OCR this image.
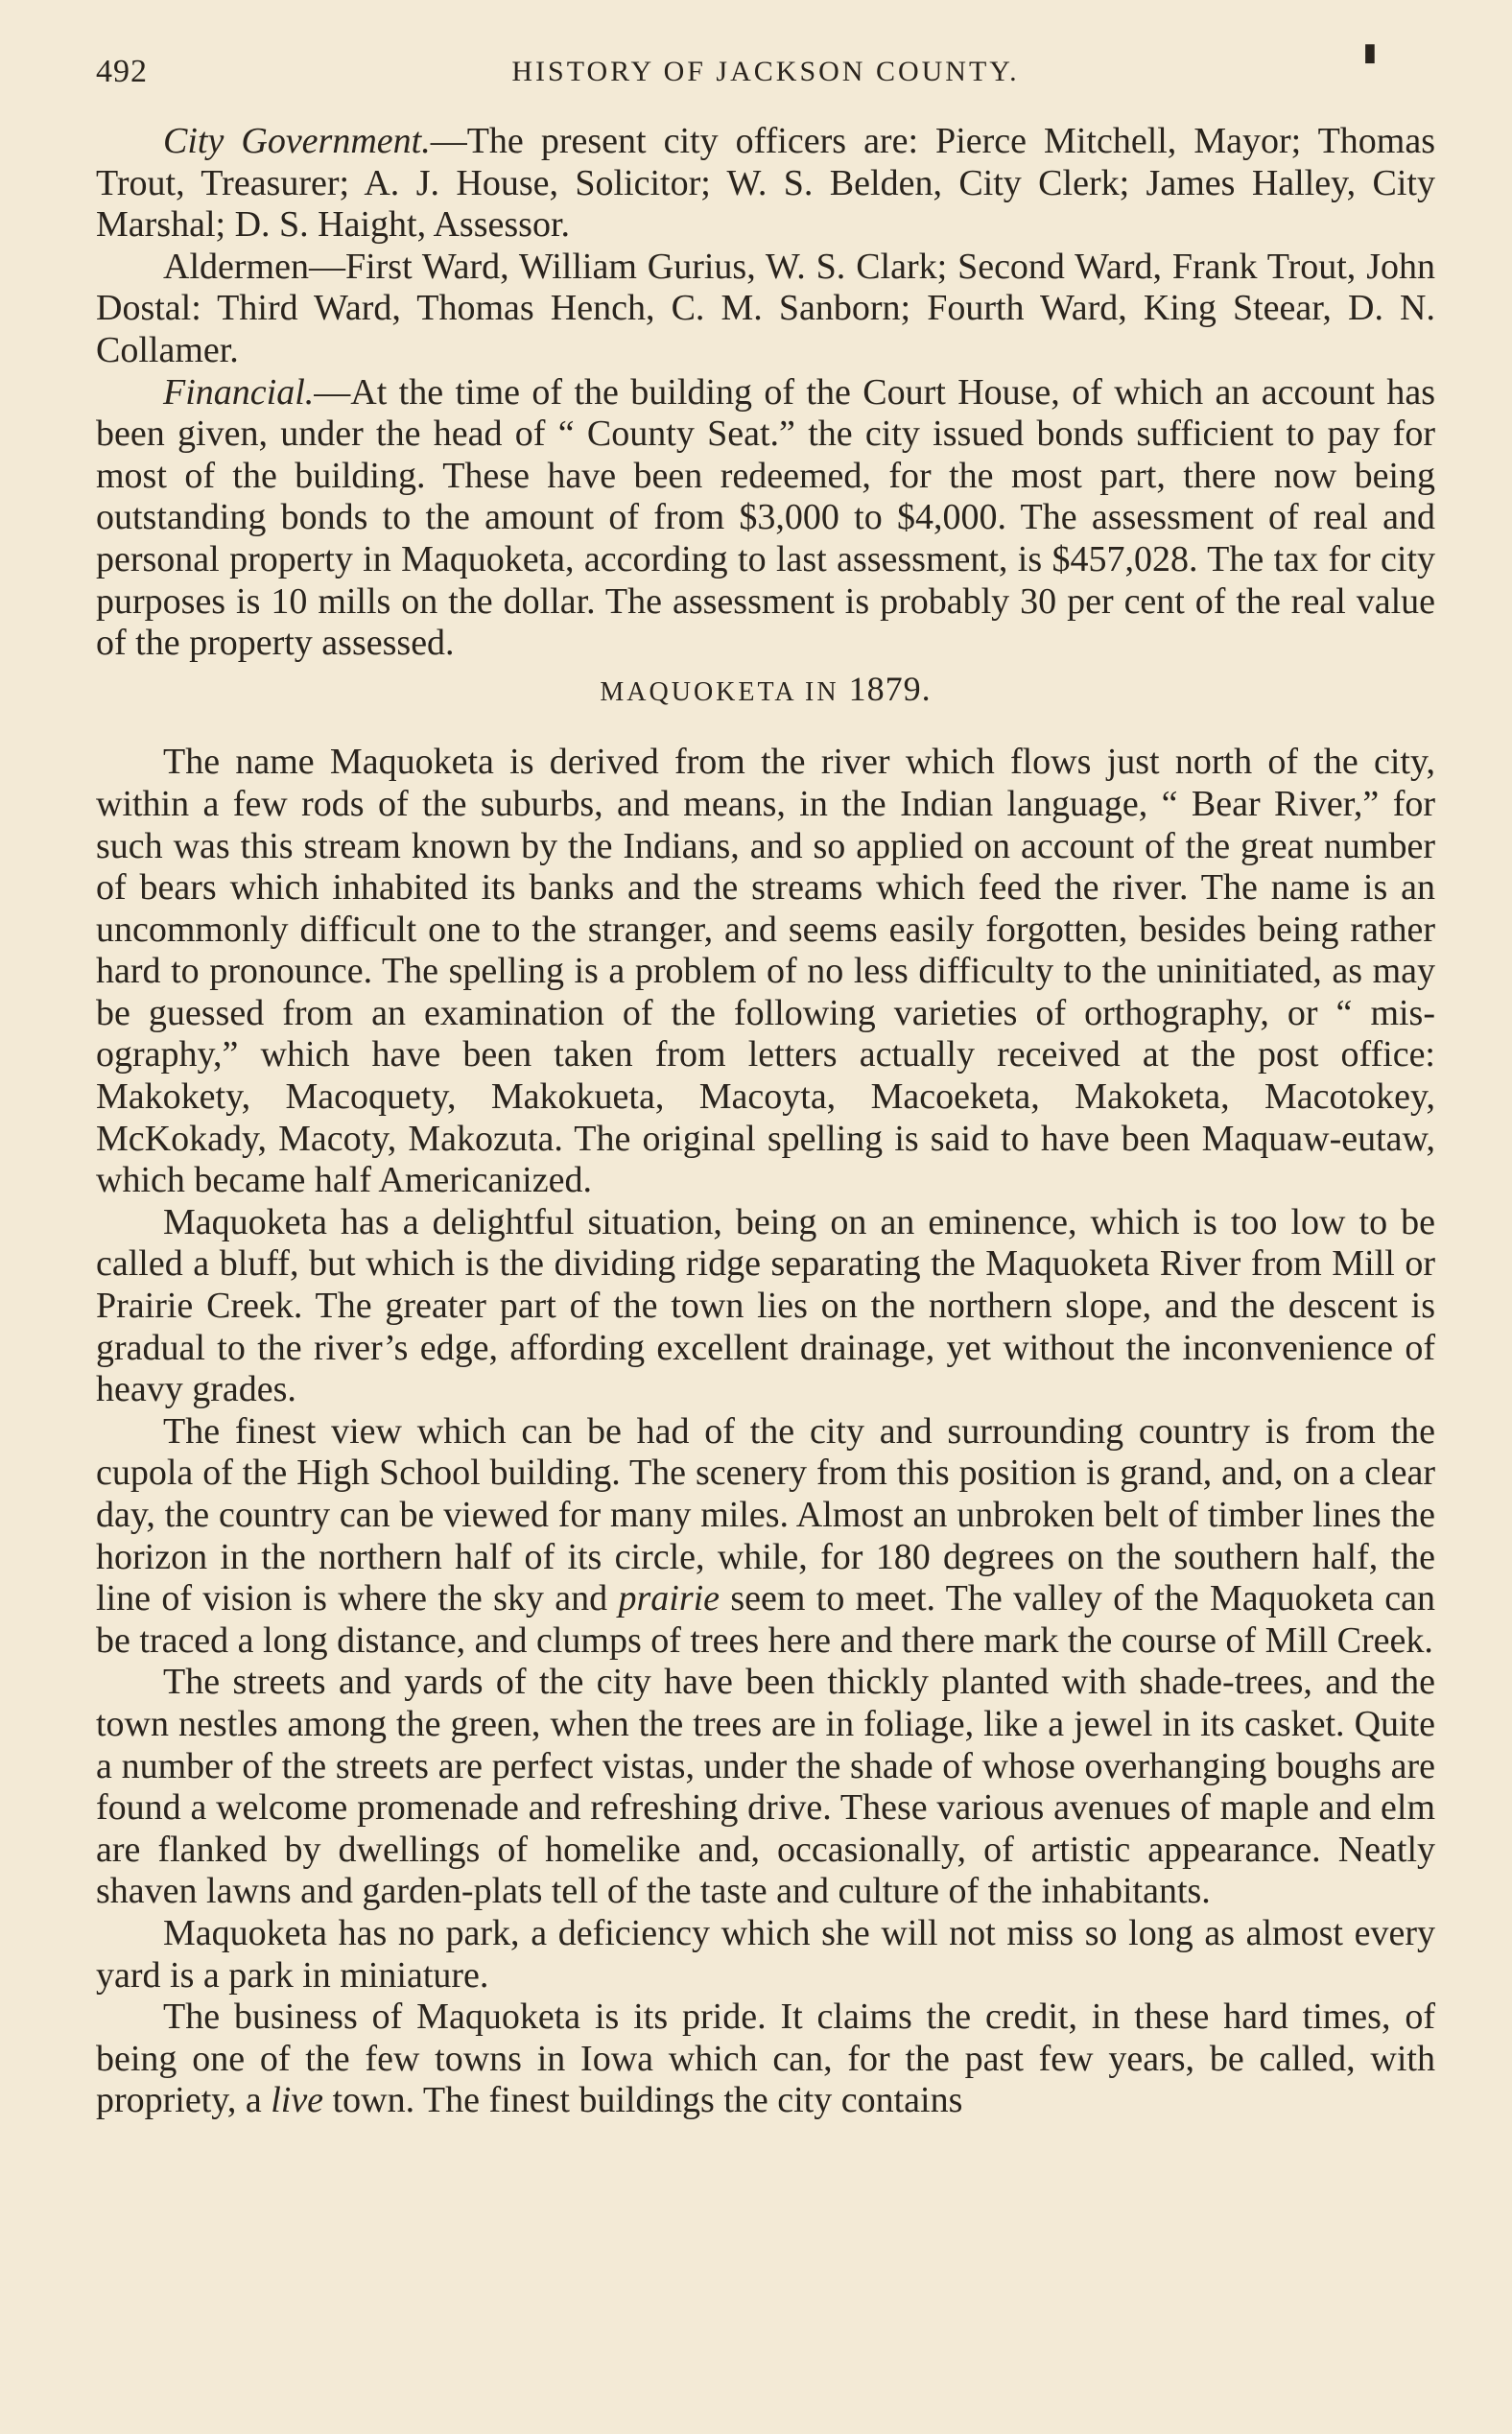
492	HISTORY OF JACKSON COUNTY.
▮

City Government.—The present city officers are: Pierce Mitchell, Mayor; Thomas Trout, Treasurer; A. J. House, Solicitor; W. S. Belden, City Clerk; James Halley, City Marshal; D. S. Haight, Assessor.

Aldermen—First Ward, William Gurius, W. S. Clark; Second Ward, Frank Trout, John Dostal: Third Ward, Thomas Hench, C. M. Sanborn; Fourth Ward, King Steear, D. N. Collamer.

Financial.—At the time of the building of the Court House, of which an account has been given, under the head of “ County Seat.” the city issued bonds sufficient to pay for most of the building. These have been redeemed, for the most part, there now being outstanding bonds to the amount of from $3,000 to $4,000. The assessment of real and personal property in Maquoketa, according to last assessment, is $457,028. The tax for city purposes is 10 mills on the dollar. The assessment is probably 30 per cent of the real value of the property assessed.

MAQUOKETA IN 1879.

The name Maquoketa is derived from the river which flows just north of the city, within a few rods of the suburbs, and means, in the Indian language, “ Bear River,” for such was this stream known by the Indians, and so applied on account of the great number of bears which inhabited its banks and the streams which feed the river. The name is an uncommonly difficult one to the stranger, and seems easily forgotten, besides being rather hard to pronounce. The spelling is a problem of no less difficulty to the uninitiated, as may be guessed from an examination of the following varieties of orthography, or “ mis-ography,” which have been taken from letters actually received at the post office: Makokety, Macoquety, Makokueta, Macoyta, Macoeketa, Makoketa, Macotokey, McKokady, Macoty, Makozuta. The original spelling is said to have been Maquaw-eutaw, which became half Americanized.

Maquoketa has a delightful situation, being on an eminence, which is too low to be called a bluff, but which is the dividing ridge separating the Maquoketa River from Mill or Prairie Creek. The greater part of the town lies on the northern slope, and the descent is gradual to the river’s edge, affording excellent drainage, yet without the inconvenience of heavy grades.

The finest view which can be had of the city and surrounding country is from the cupola of the High School building. The scenery from this position is grand, and, on a clear day, the country can be viewed for many miles. Almost an unbroken belt of timber lines the horizon in the northern half of its circle, while, for 180 degrees on the southern half, the line of vision is where the sky and prairie seem to meet. The valley of the Maquoketa can be traced a long distance, and clumps of trees here and there mark the course of Mill Creek.

The streets and yards of the city have been thickly planted with shade-trees, and the town nestles among the green, when the trees are in foliage, like a jewel in its casket. Quite a number of the streets are perfect vistas, under the shade of whose overhanging boughs are found a welcome promenade and refreshing drive. These various avenues of maple and elm are flanked by dwellings of homelike and, occasionally, of artistic appearance. Neatly shaven lawns and garden-plats tell of the taste and culture of the inhabitants.

Maquoketa has no park, a deficiency which she will not miss so long as almost every yard is a park in miniature.

The business of Maquoketa is its pride. It claims the credit, in these hard times, of being one of the few towns in Iowa which can, for the past few years, be called, with propriety, a live town. The finest buildings the city contains
